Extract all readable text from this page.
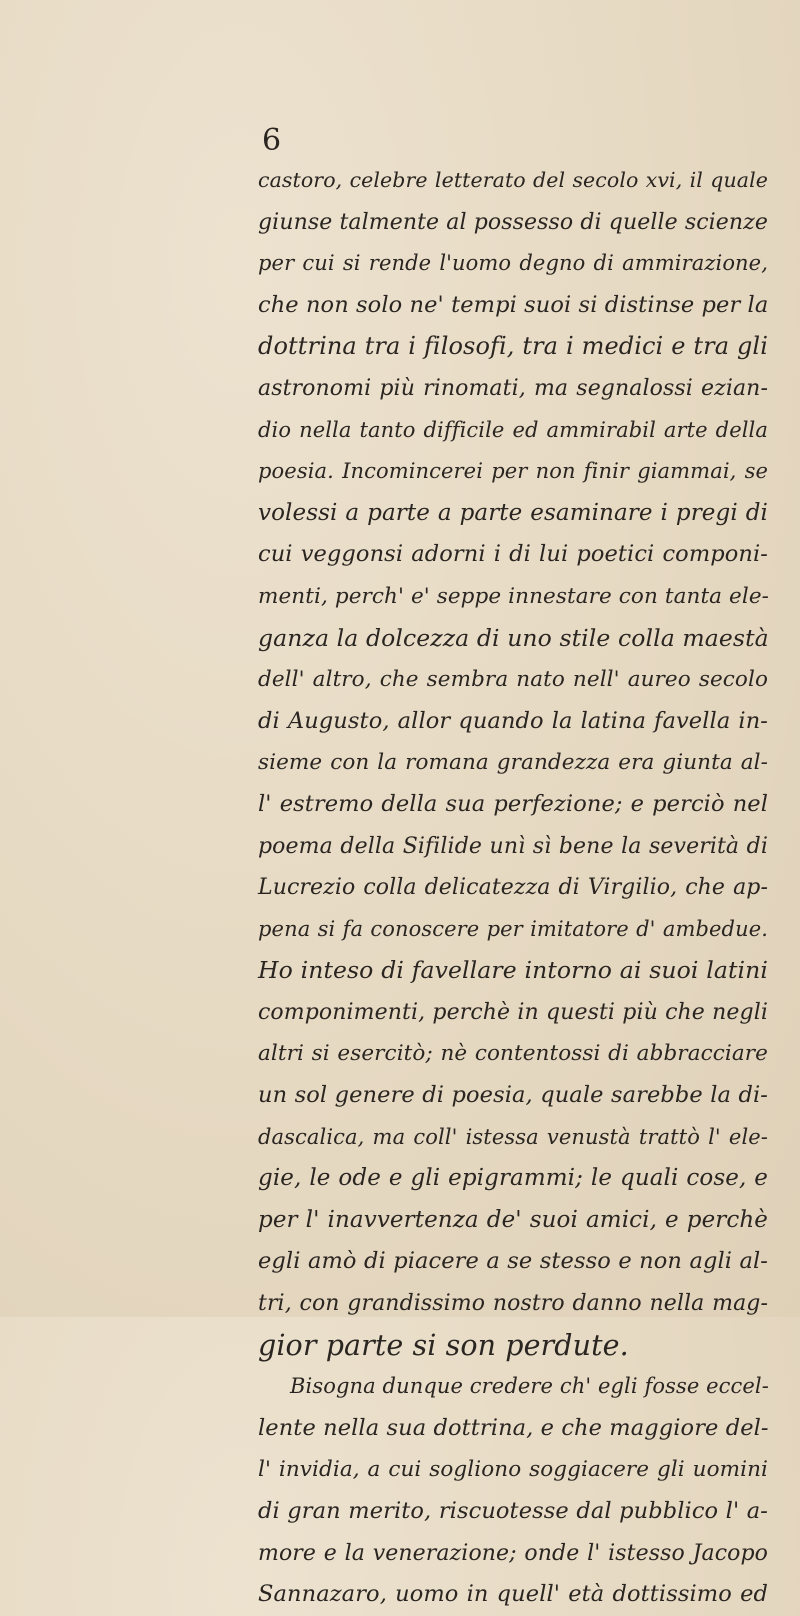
6
castoro, celebre letterato del secolo xvi, il quale
giunse talmente al possesso di quelle scienze
per cui si rende l'uomo degno di ammirazione,
che non solo ne' tempi suoi si distinse per la
dottrina tra i filosofi, tra i medici e tra gli
astronomi più rinomati, ma segnalossi ezian-
dio nella tanto difficile ed ammirabil arte della
poesia. Incomincerei per non finir giammai, se
volessi a parte a parte esaminare i pregi di
cui veggonsi adorni i di lui poetici componi-
menti, perch' e' seppe innestare con tanta ele-
ganza la dolcezza di uno stile colla maestà
dell' altro, che sembra nato nell' aureo secolo
di Augusto, allor quando la latina favella in-
sieme con la romana grandezza era giunta al-
l' estremo della sua perfezione; e perciò nel
poema della Sifilide unì sì bene la severità di
Lucrezio colla delicatezza di Virgilio, che ap-
pena si fa conoscere per imitatore d' ambedue.
Ho inteso di favellare intorno ai suoi latini
componimenti, perchè in questi più che negli
altri si esercitò; nè contentossi di abbracciare
un sol genere di poesia, quale sarebbe la di-
dascalica, ma coll' istessa venustà trattò l' ele-
gie, le ode e gli epigrammi; le quali cose, e
per l' inavvertenza de' suoi amici, e perchè
egli amò di piacere a se stesso e non agli al-
tri, con grandissimo nostro danno nella mag-
gior parte si son perdute.
Bisogna dunque credere ch' egli fosse eccel-
lente nella sua dottrina, e che maggiore del-
l' invidia, a cui sogliono soggiacere gli uomini
di gran merito, riscuotesse dal pubblico l' a-
more e la venerazione; onde l' istesso Jacopo
Sannazaro, uomo in quell' età dottissimo ed
